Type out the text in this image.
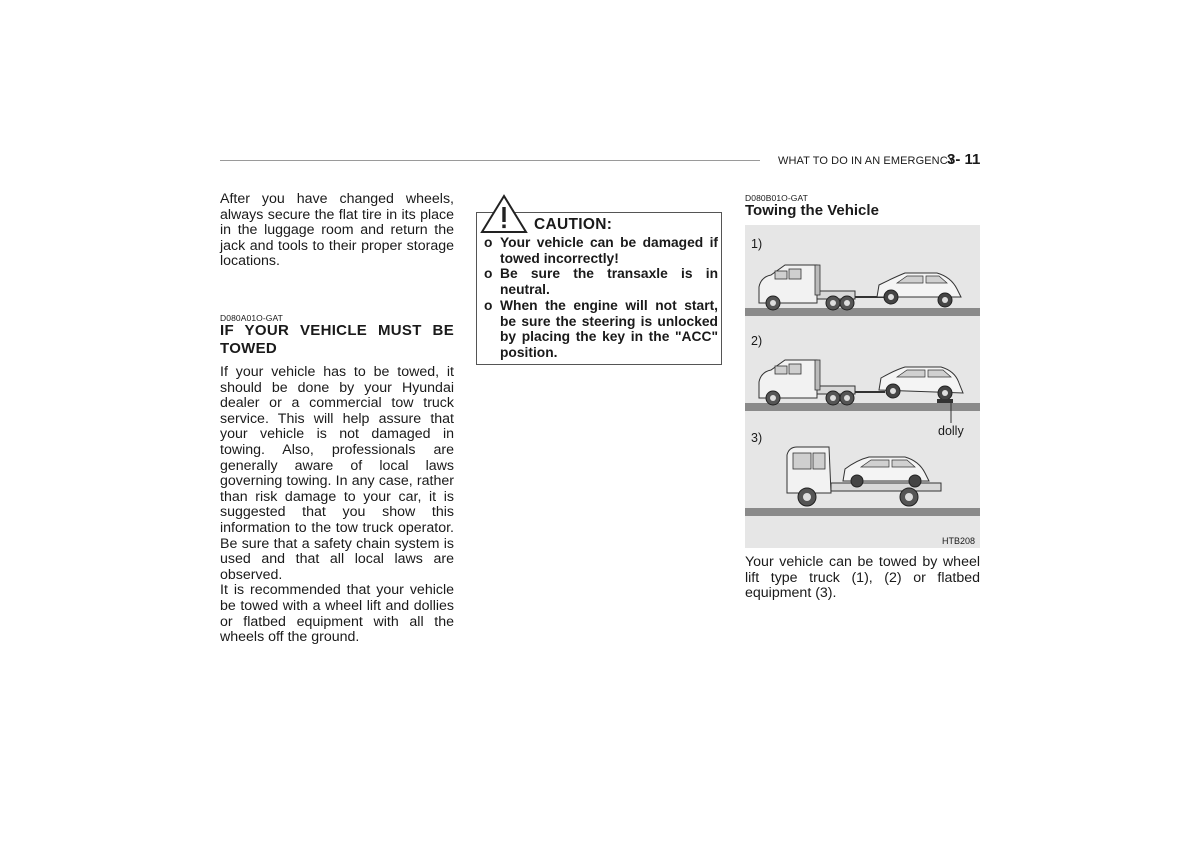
WHAT TO DO IN AN EMERGENCY
3- 11

After you have changed wheels, always secure the flat tire in its place in the luggage room and return the jack and tools to their proper storage locations.

D080A01O-GAT
IF YOUR VEHICLE MUST BE TOWED

If your vehicle has to be towed, it should be done by your Hyundai dealer or a commercial tow truck service. This will help assure that your vehicle is not damaged in towing. Also, professionals are generally aware of local laws governing towing. In any case, rather than risk damage to your car, it is suggested that you show this information to the tow truck operator. Be sure that a safety chain system is used and that all local laws are observed.

It is recommended that your vehicle be towed with a wheel lift and dollies or flatbed equipment with all the wheels off the ground.

CAUTION:
o Your vehicle can be damaged if towed incorrectly!
o Be sure the transaxle is in neutral.
o When the engine will not start, be sure the steering is unlocked by placing the key in the "ACC" position.
D080B01O-GAT
Towing the Vehicle
1)
2)
3)	dolly
HTB208

Your vehicle can be towed by wheel lift type truck (1), (2) or flatbed equipment (3).
